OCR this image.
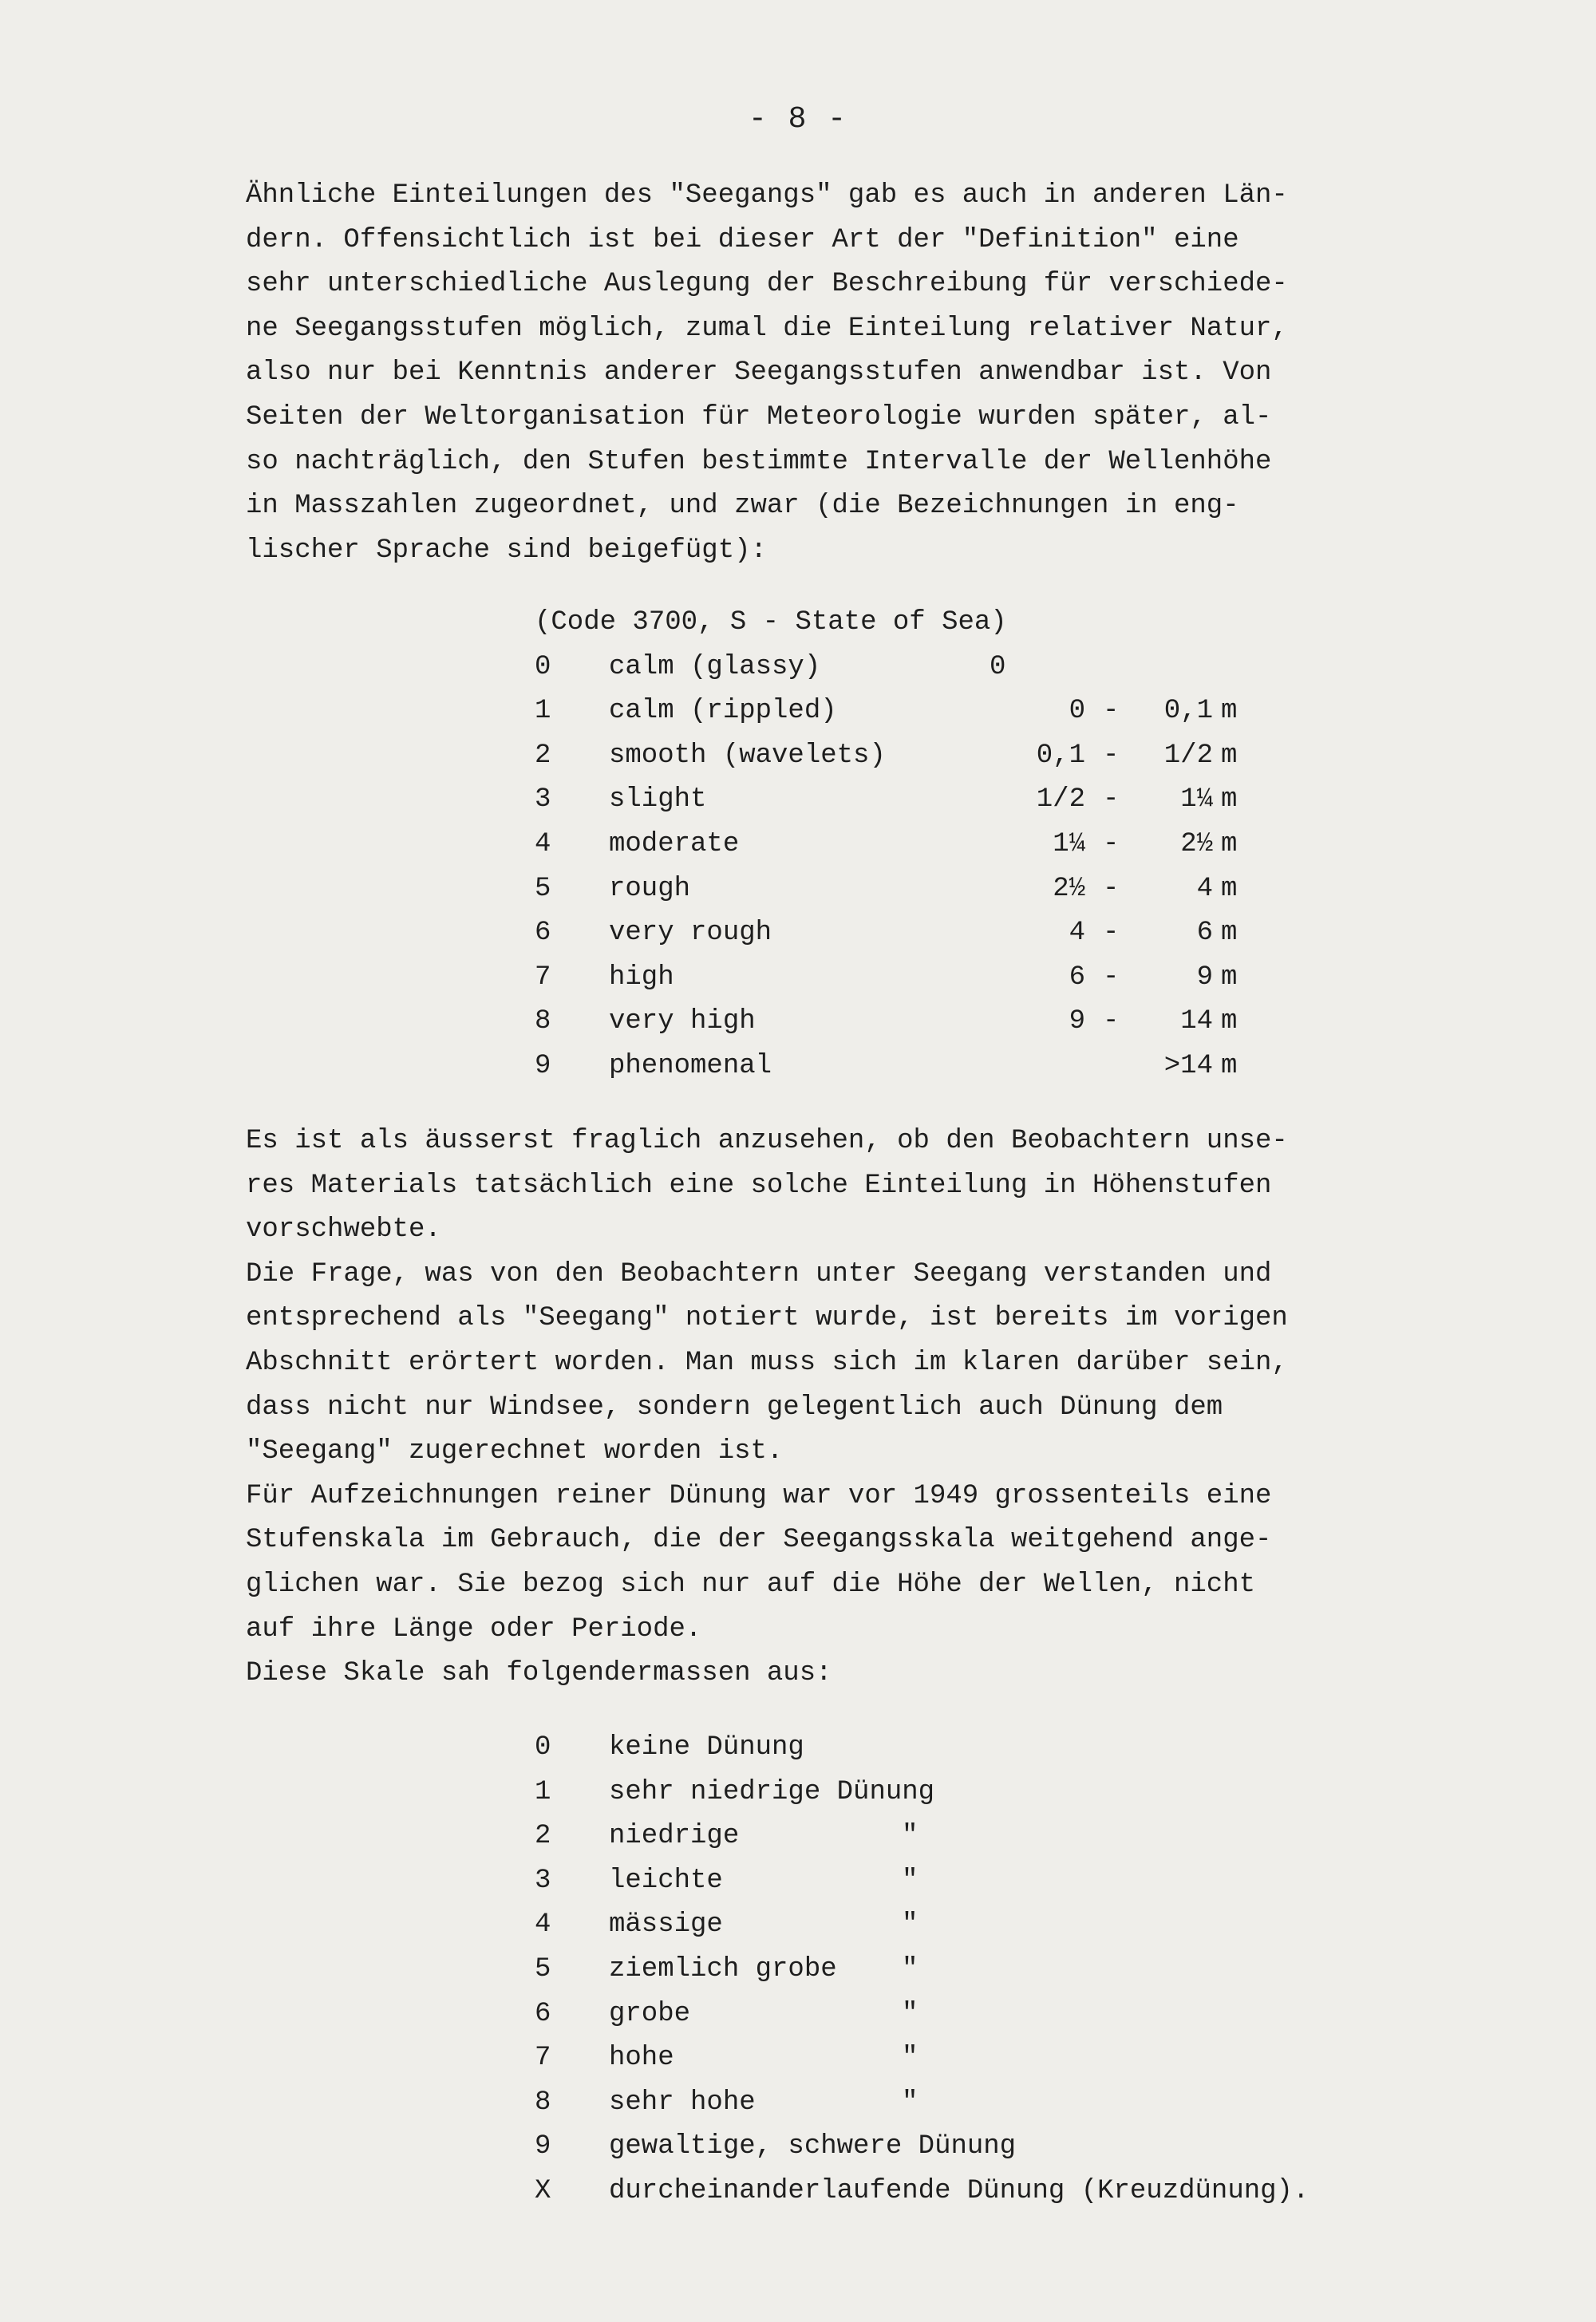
- 8 -
Ähnliche Einteilungen des "Seegangs" gab es auch in anderen Län-
dern. Offensichtlich ist bei dieser Art der "Definition" eine
sehr unterschiedliche Auslegung der Beschreibung für verschiede-
ne Seegangsstufen möglich, zumal die Einteilung relativer Natur,
also nur bei Kenntnis anderer Seegangsstufen anwendbar ist. Von
Seiten der Weltorganisation für Meteorologie wurden später, al-
so nachträglich, den Stufen bestimmte Intervalle der Wellenhöhe
in Masszahlen zugeordnet, und zwar (die Bezeichnungen in eng-
lischer Sprache sind beigefügt):
(Code 3700, S - State of Sea)
0 calm (glassy)	0
1 calm (rippled)	0 -	0,1 m
2 smooth (wavelets)	0,1 -	1/2 m
3 slight	1/2 -	1¼ m
4 moderate	1¼ -	2½ m
5 rough	2½ -	4 m
6 very rough	4 -	6 m
7 high	6 -	9 m
8 very high	9 -	14 m
9 phenomenal	>14 m
Es ist als äusserst fraglich anzusehen, ob den Beobachtern unse-
res Materials tatsächlich eine solche Einteilung in Höhenstufen
vorschwebte.
Die Frage, was von den Beobachtern unter Seegang verstanden und
entsprechend als "Seegang" notiert wurde, ist bereits im vorigen
Abschnitt erörtert worden. Man muss sich im klaren darüber sein,
dass nicht nur Windsee, sondern gelegentlich auch Dünung dem
"Seegang" zugerechnet worden ist.
Für Aufzeichnungen reiner Dünung war vor 1949 grossenteils eine
Stufenskala im Gebrauch, die der Seegangsskala weitgehend ange-
glichen war. Sie bezog sich nur auf die Höhe der Wellen, nicht
auf ihre Länge oder Periode.
Diese Skale sah folgendermassen aus:
0 keine Dünung
1 sehr niedrige Dünung
2 niedrige	"
3 leichte	"
4 mässige	"
5 ziemlich grobe "
6 grobe	"
7 hohe	"
8 sehr hohe	"
9 gewaltige, schwere Dünung
X durcheinanderlaufende Dünung (Kreuzdünung).
